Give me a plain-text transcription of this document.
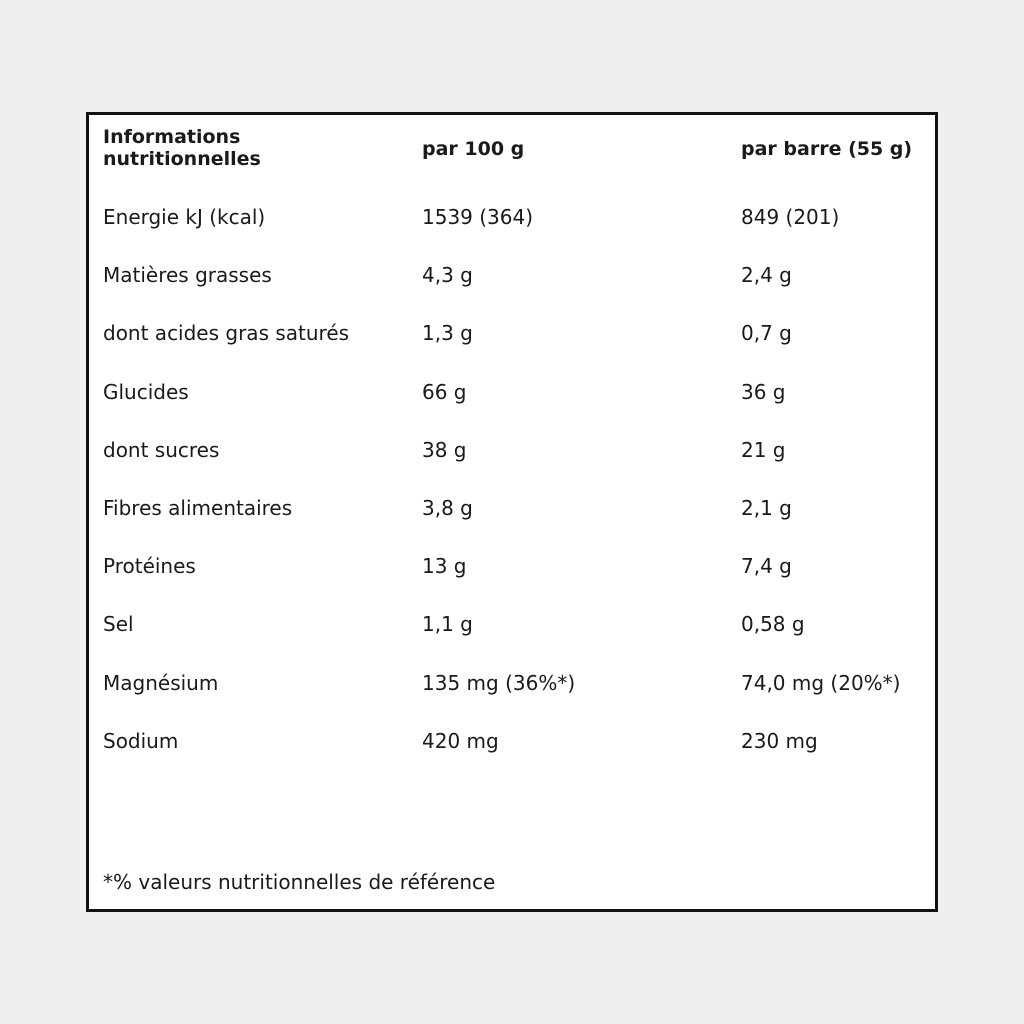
Informations
nutritionnelles	par 100 g	par barre (55 g)
Energie kJ (kcal)	1539 (364)	849 (201)
Matières grasses	4,3 g	2,4 g
dont acides gras saturés	1,3 g	0,7 g
Glucides	66 g	36 g
dont sucres	38 g	21 g
Fibres alimentaires	3,8 g	2,1 g
Protéines	13 g	7,4 g
Sel	1,1 g	0,58 g
Magnésium	135 mg (36%*)	74,0 mg (20%*)
Sodium	420 mg	230 mg
*% valeurs nutritionnelles de référence
